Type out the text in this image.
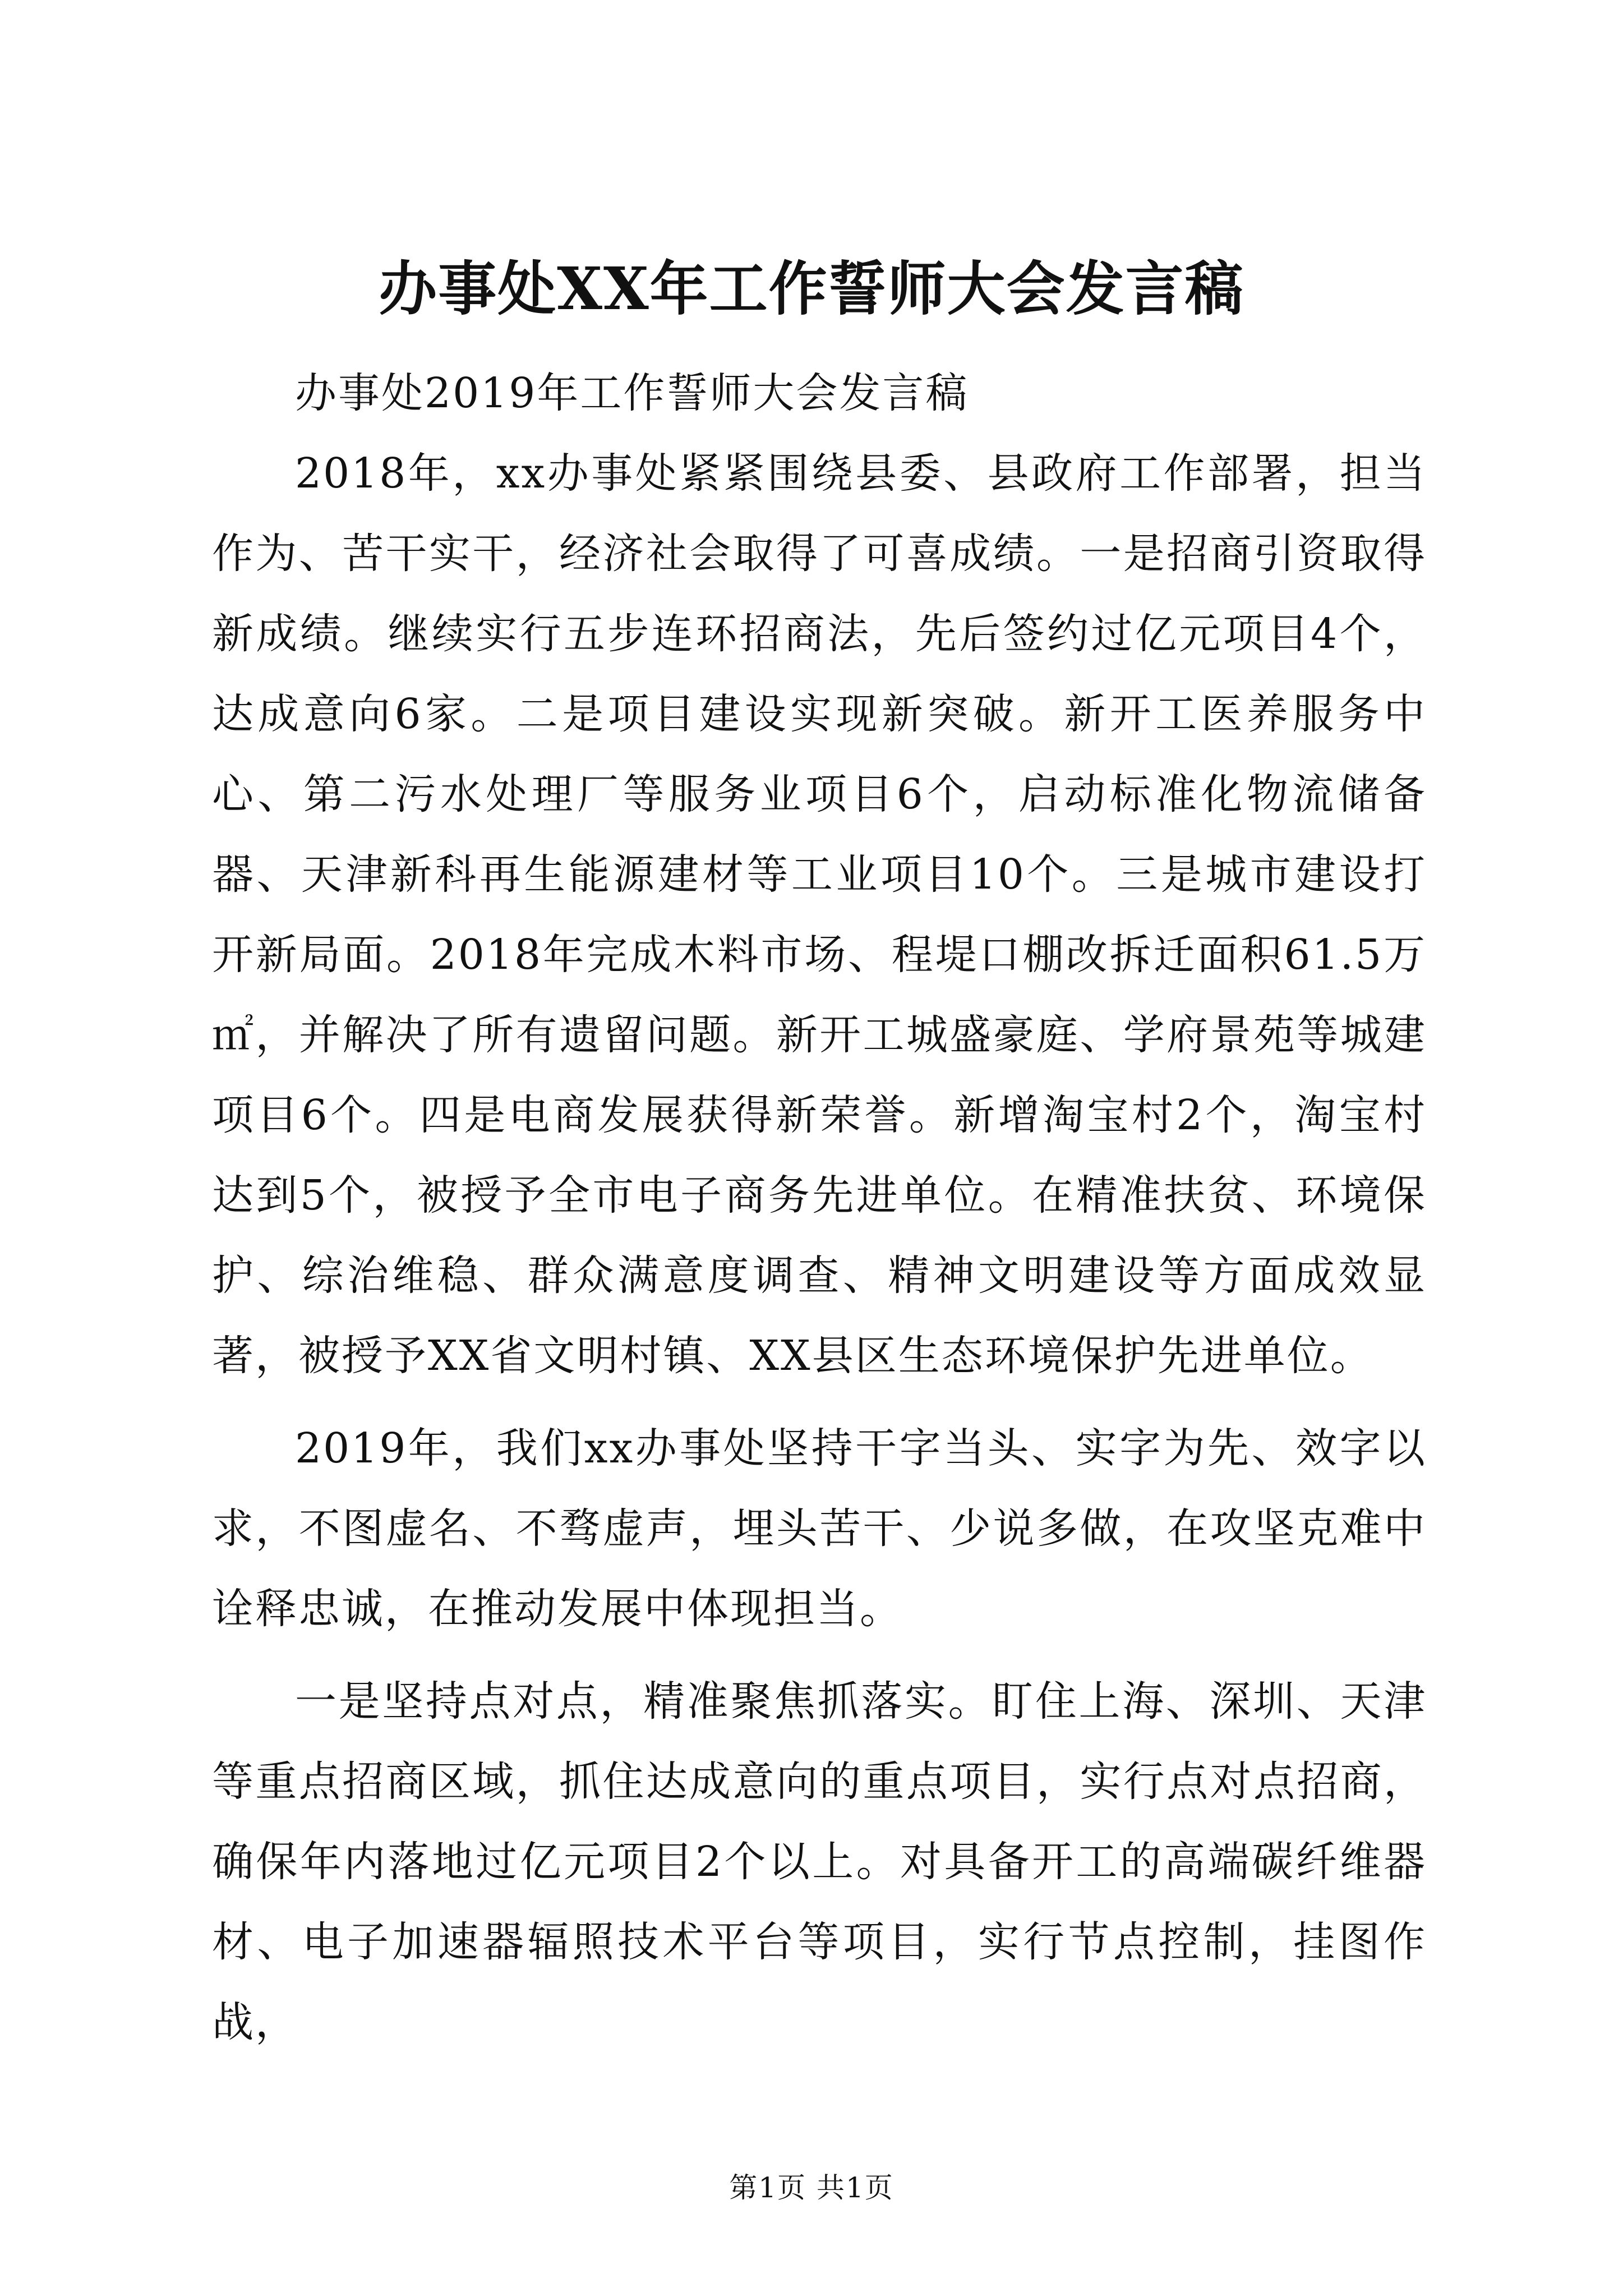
办事处XX年工作誓师大会发言稿

办事处2019年工作誓师大会发言稿

2018年，xx办事处紧紧围绕县委、县政府工作部署，担当作为、苦干实干，经济社会取得了可喜成绩。一是招商引资取得新成绩。继续实行五步连环招商法，先后签约过亿元项目4个，达成意向6家。二是项目建设实现新突破。新开工医养服务中心、第二污水处理厂等服务业项目6个，启动标准化物流储备器、天津新科再生能源建材等工业项目10个。三是城市建设打开新局面。2018年完成木料市场、程堤口棚改拆迁面积61.5万㎡，并解决了所有遗留问题。新开工城盛豪庭、学府景苑等城建项目6个。四是电商发展获得新荣誉。新增淘宝村2个，淘宝村达到5个，被授予全市电子商务先进单位。在精准扶贫、环境保护、综治维稳、群众满意度调查、精神文明建设等方面成效显著，被授予XX省文明村镇、XX县区生态环境保护先进单位。

2019年，我们xx办事处坚持干字当头、实字为先、效字以求，不图虚名、不骛虚声，埋头苦干、少说多做，在攻坚克难中诠释忠诚，在推动发展中体现担当。

一是坚持点对点，精准聚焦抓落实。盯住上海、深圳、天津等重点招商区域，抓住达成意向的重点项目，实行点对点招商，确保年内落地过亿元项目2个以上。对具备开工的高端碳纤维器材、电子加速器辐照技术平台等项目，实行节点控制，挂图作战，

第1页 共1页
